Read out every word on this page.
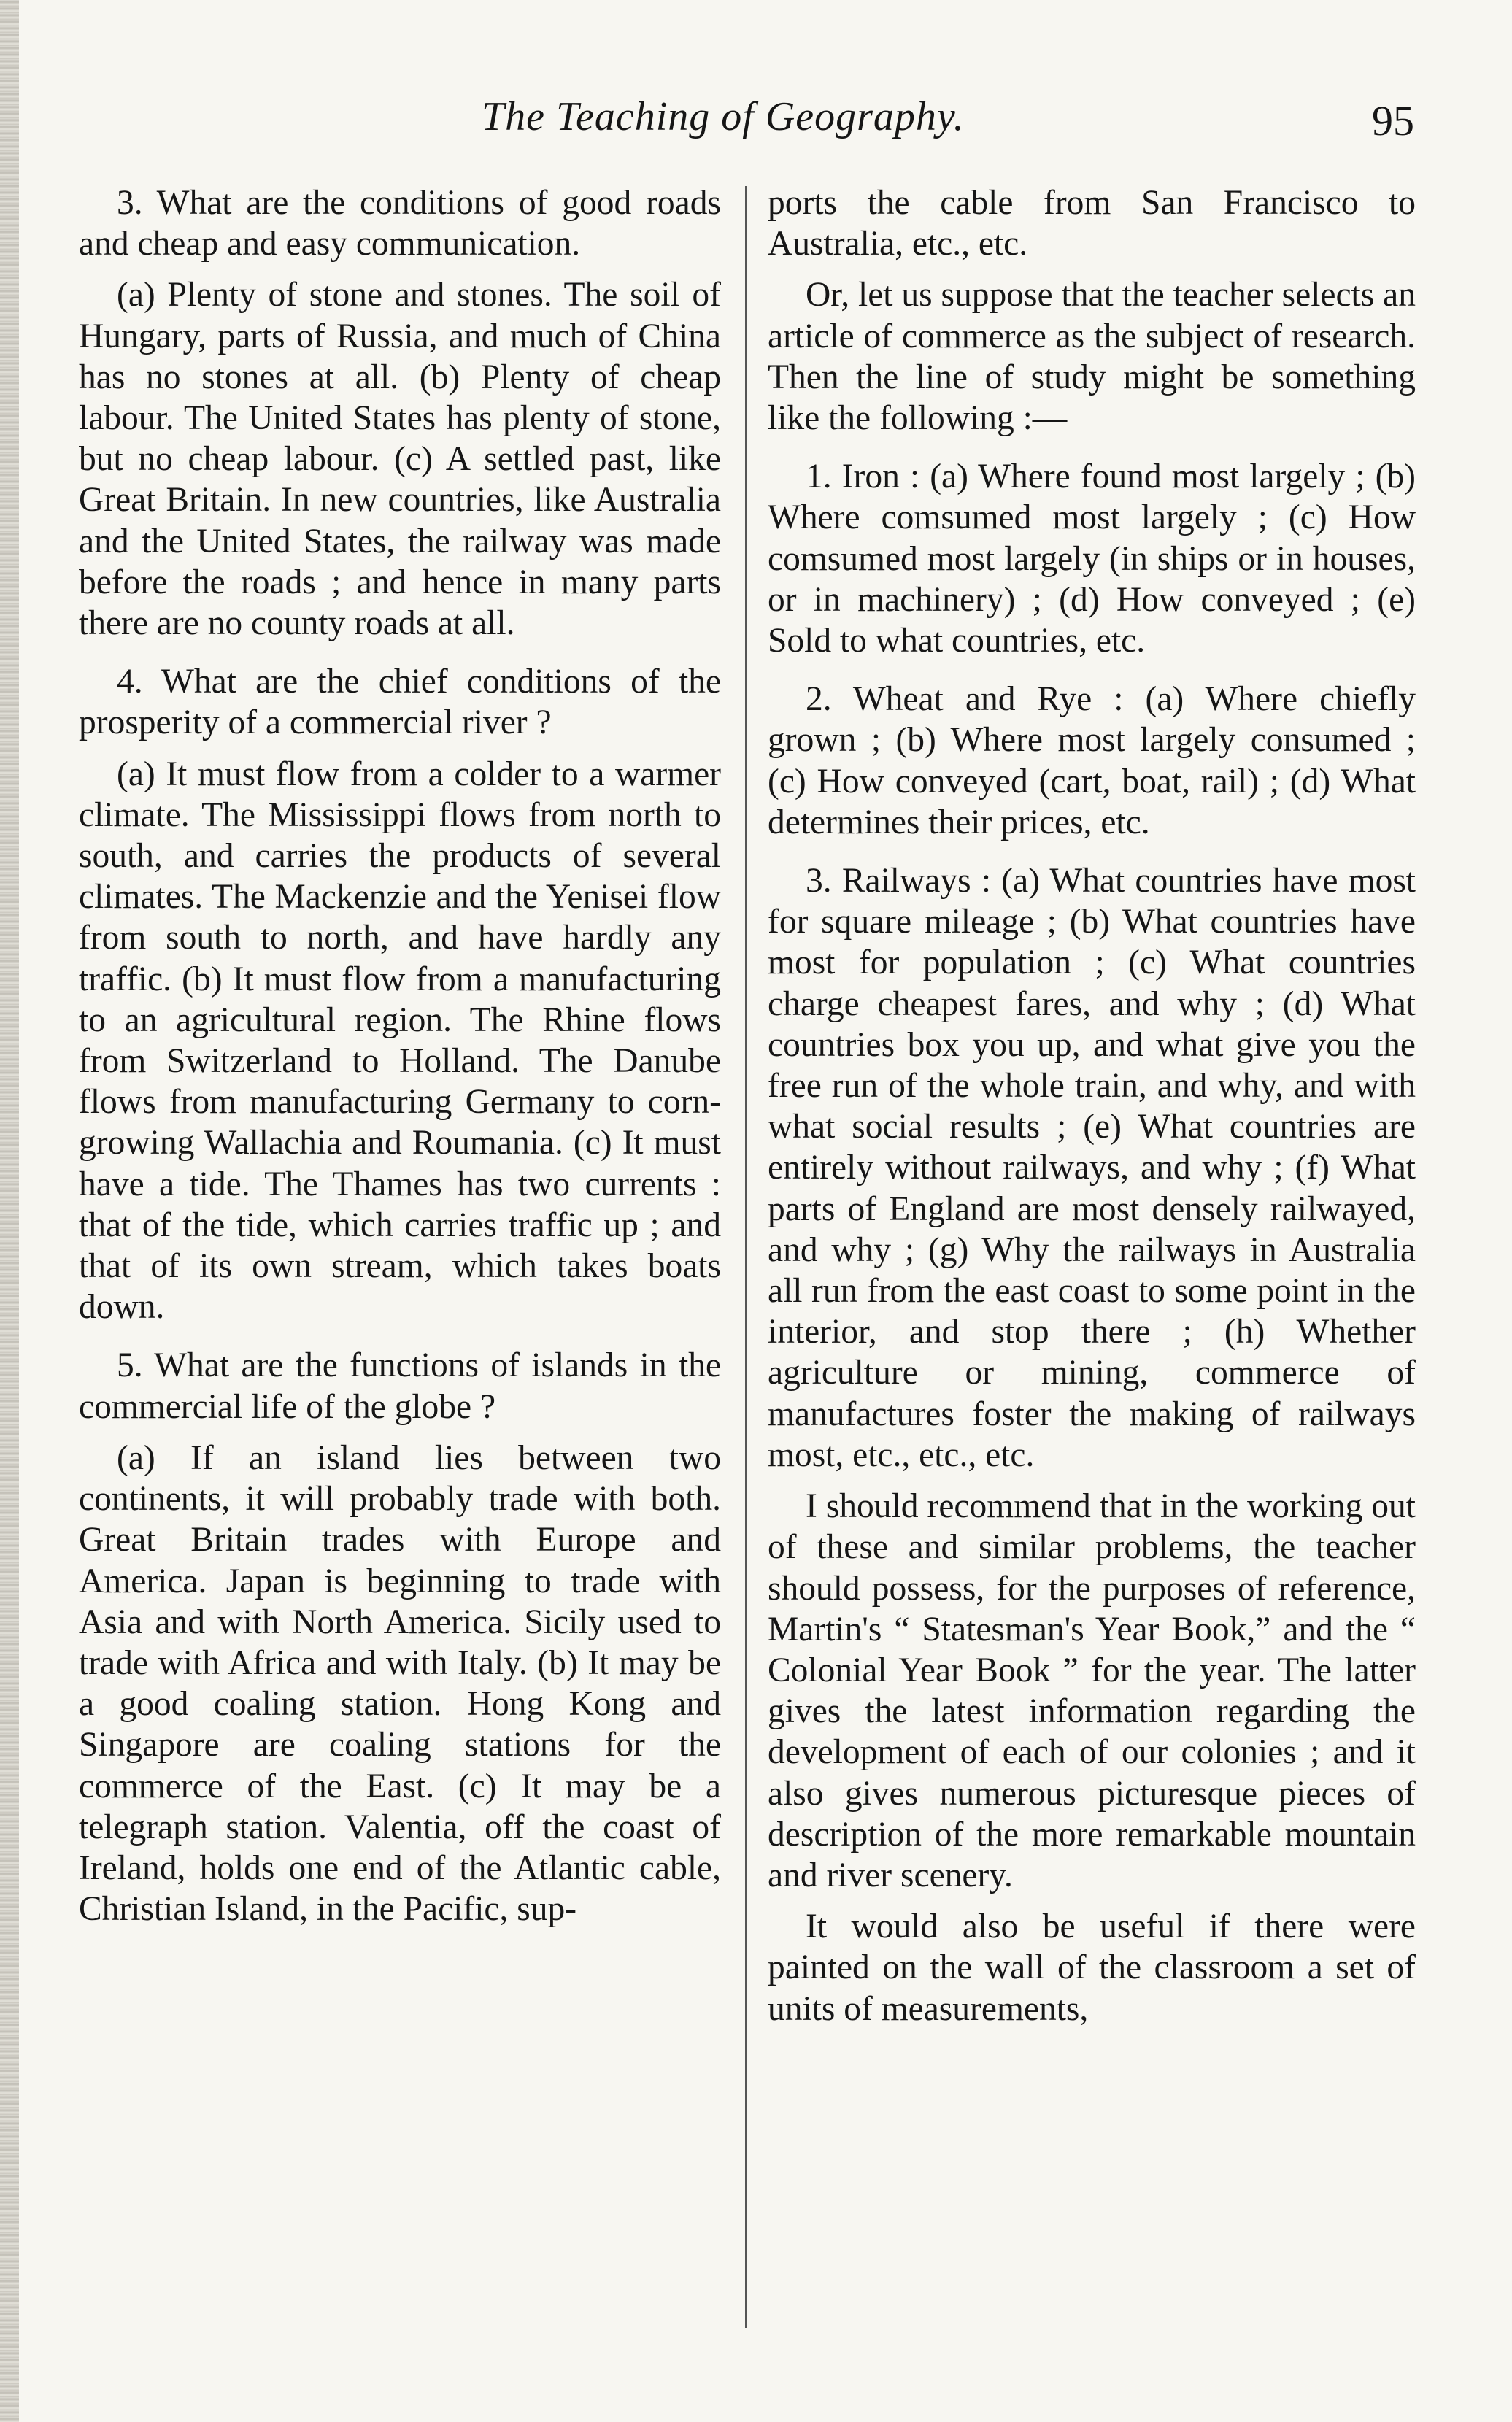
The Teaching of Geography.	95

3. What are the conditions of good roads and cheap and easy communication.

(a) Plenty of stone and stones. The soil of Hungary, parts of Russia, and much of China has no stones at all. (b) Plenty of cheap labour. The United States has plenty of stone, but no cheap labour. (c) A settled past, like Great Britain. In new countries, like Australia and the United States, the railway was made before the roads ; and hence in many parts there are no county roads at all.

4. What are the chief conditions of the prosperity of a commercial river ?

(a) It must flow from a colder to a warmer climate. The Mississippi flows from north to south, and carries the products of several climates. The Mackenzie and the Yenisei flow from south to north, and have hardly any traffic. (b) It must flow from a manufacturing to an agricultural region. The Rhine flows from Switzerland to Holland. The Danube flows from manufacturing Germany to corn-growing Wallachia and Roumania. (c) It must have a tide. The Thames has two currents : that of the tide, which carries traffic up ; and that of its own stream, which takes boats down.

5. What are the functions of islands in the commercial life of the globe ?

(a) If an island lies between two continents, it will probably trade with both. Great Britain trades with Europe and America. Japan is beginning to trade with Asia and with North America. Sicily used to trade with Africa and with Italy. (b) It may be a good coaling station. Hong Kong and Singapore are coaling stations for the commerce of the East. (c) It may be a telegraph station. Valentia, off the coast of Ireland, holds one end of the Atlantic cable, Christian Island, in the Pacific, sup-

ports the cable from San Francisco to Australia, etc., etc.

Or, let us suppose that the teacher selects an article of commerce as the subject of research. Then the line of study might be something like the following :—

1. Iron : (a) Where found most largely ; (b) Where comsumed most largely ; (c) How comsumed most largely (in ships or in houses, or in machinery) ; (d) How conveyed ; (e) Sold to what countries, etc.

2. Wheat and Rye : (a) Where chiefly grown ; (b) Where most largely consumed ; (c) How conveyed (cart, boat, rail) ; (d) What determines their prices, etc.

3. Railways : (a) What countries have most for square mileage ; (b) What countries have most for population ; (c) What countries charge cheapest fares, and why ; (d) What countries box you up, and what give you the free run of the whole train, and why, and with what social results ; (e) What countries are entirely without railways, and why ; (f) What parts of England are most densely railwayed, and why ; (g) Why the railways in Australia all run from the east coast to some point in the interior, and stop there ; (h) Whether agriculture or mining, commerce of manufactures foster the making of railways most, etc., etc., etc.

I should recommend that in the working out of these and similar problems, the teacher should possess, for the purposes of reference, Martin's “ Statesman's Year Book,” and the “ Colonial Year Book ” for the year. The latter gives the latest information regarding the development of each of our colonies ; and it also gives numerous picturesque pieces of description of the more remarkable mountain and river scenery.

It would also be useful if there were painted on the wall of the classroom a set of units of measurements,
